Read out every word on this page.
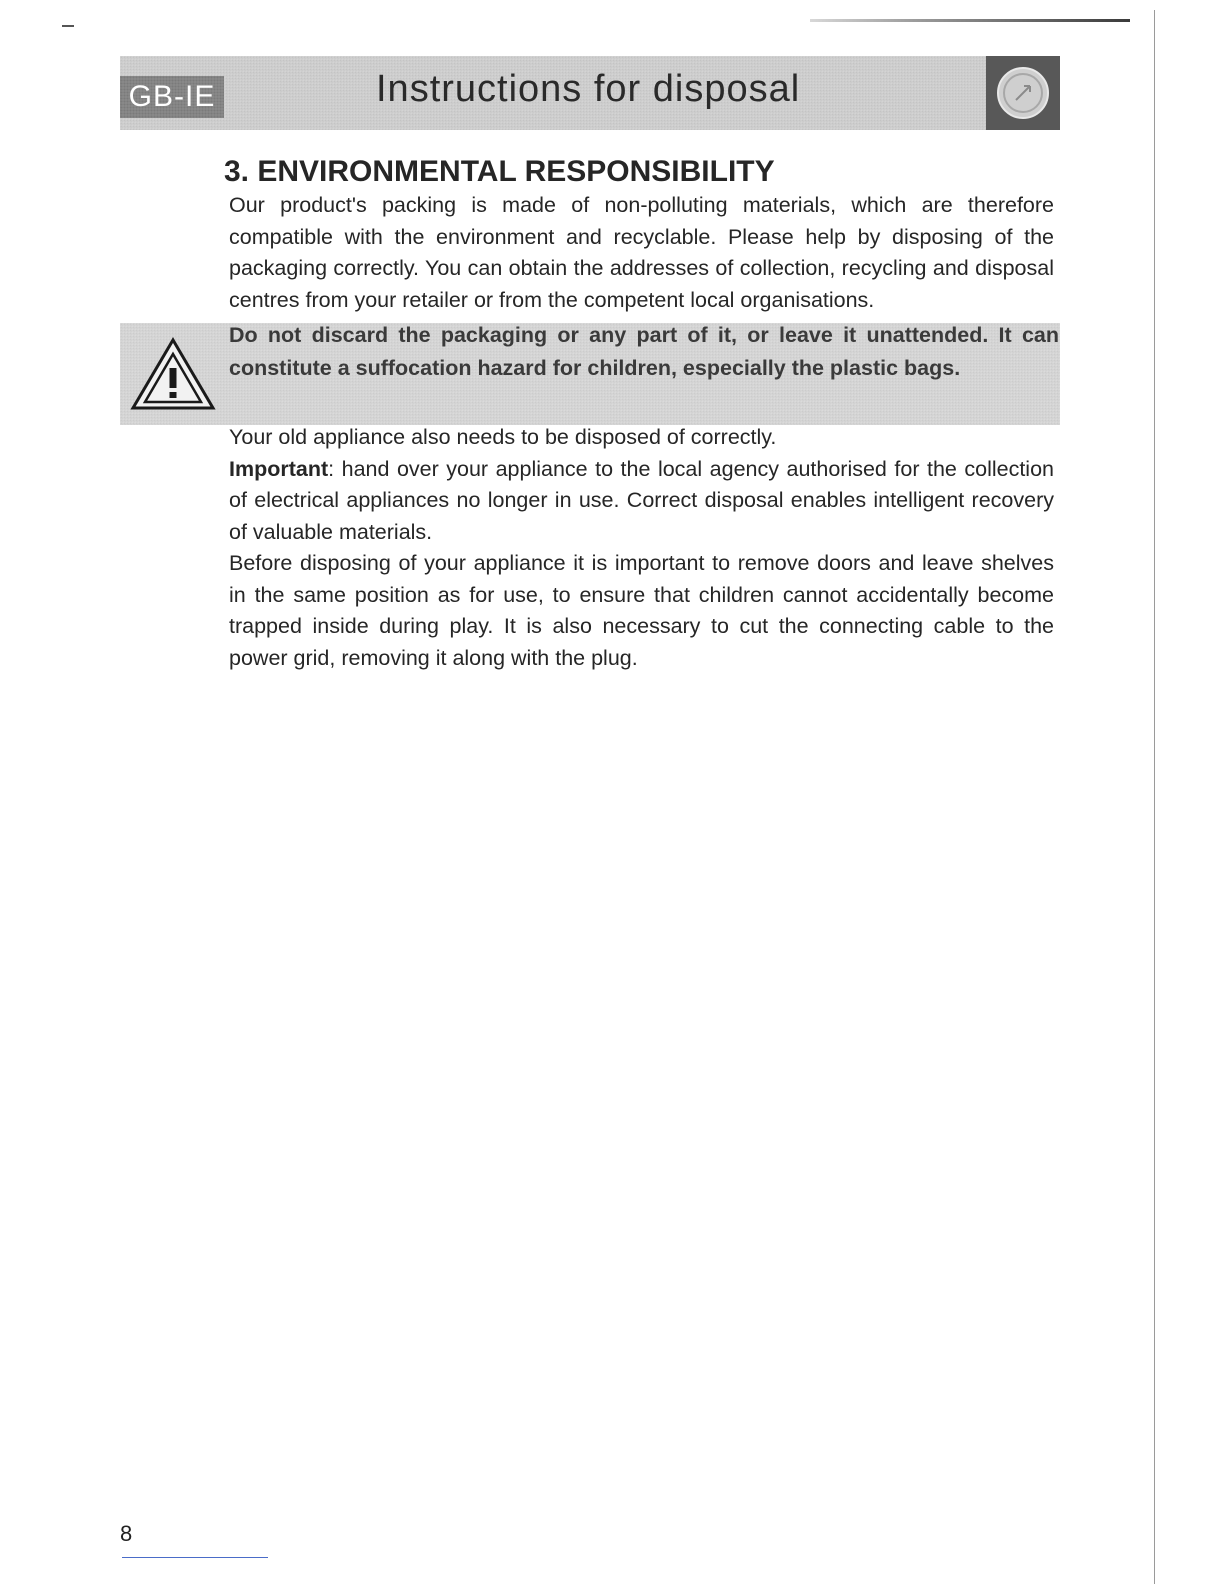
GB-IE	Instructions for disposal
3. ENVIRONMENTAL RESPONSIBILITY

Our product's packing is made of non-polluting materials, which are therefore compatible with the environment and recyclable. Please help by disposing of the packaging correctly. You can obtain the addresses of collection, recycling and disposal centres from your retailer or from the competent local organisations.

Do not discard the packaging or any part of it, or leave it unattended. It can constitute a suffocation hazard for children, especially the plastic bags.

Your old appliance also needs to be disposed of correctly.

Important: hand over your appliance to the local agency authorised for the collection of electrical appliances no longer in use. Correct disposal enables intelligent recovery of valuable materials.

Before disposing of your appliance it is important to remove doors and leave shelves in the same position as for use, to ensure that children cannot accidentally become trapped inside during play. It is also necessary to cut the connecting cable to the power grid, removing it along with the plug.

8
